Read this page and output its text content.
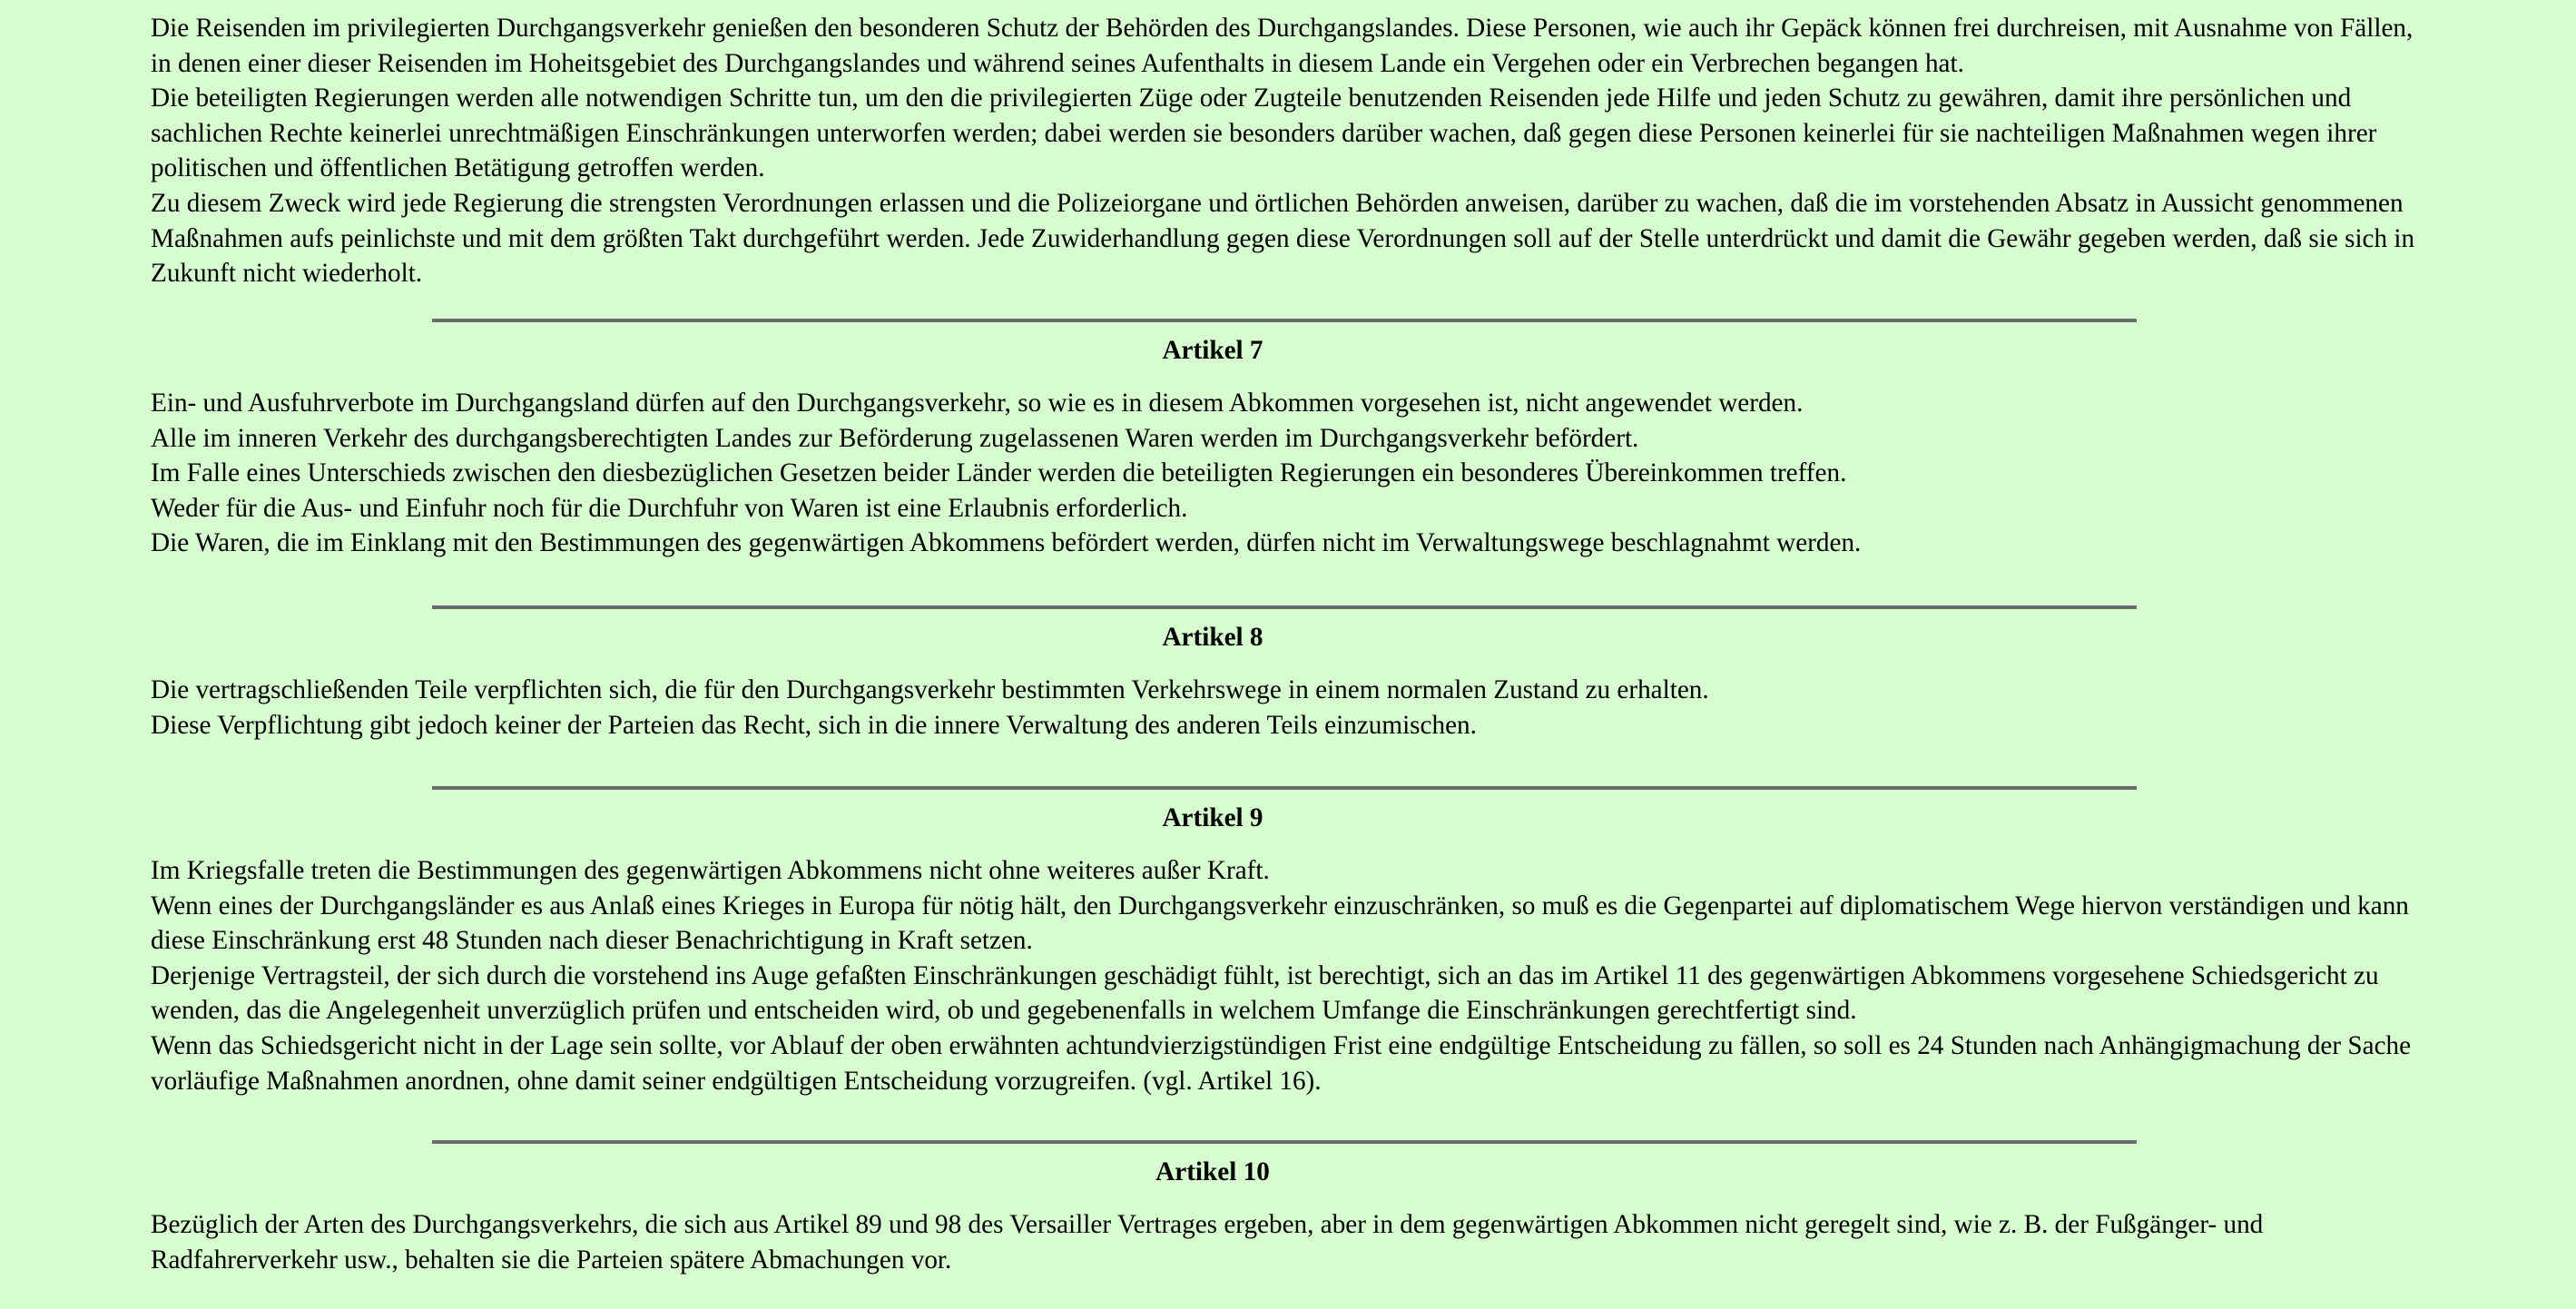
Die Reisenden im privilegierten Durchgangsverkehr genießen den besonderen Schutz der Behörden des Durchgangslandes. Diese Personen, wie auch ihr Gepäck können frei durchreisen, mit Ausnahme von Fällen, in denen einer dieser Reisenden im Hoheitsgebiet des Durchgangslandes und während seines Aufenthalts in diesem Lande ein Vergehen oder ein Verbrechen begangen hat.

Die beteiligten Regierungen werden alle notwendigen Schritte tun, um den die privilegierten Züge oder Zugteile benutzenden Reisenden jede Hilfe und jeden Schutz zu gewähren, damit ihre persönlichen und sachlichen Rechte keinerlei unrechtmäßigen Einschränkungen unterworfen werden; dabei werden sie besonders darüber wachen, daß gegen diese Personen keinerlei für sie nachteiligen Maßnahmen wegen ihrer politischen und öffentlichen Betätigung getroffen werden.

Zu diesem Zweck wird jede Regierung die strengsten Verordnungen erlassen und die Polizeiorgane und örtlichen Behörden anweisen, darüber zu wachen, daß die im vorstehenden Absatz in Aussicht genommenen Maßnahmen aufs peinlichste und mit dem größten Takt durchgeführt werden. Jede Zuwiderhandlung gegen diese Verordnungen soll auf der Stelle unterdrückt und damit die Gewähr gegeben werden, daß sie sich in Zukunft nicht wiederholt.

Artikel 7

Ein- und Ausfuhrverbote im Durchgangsland dürfen auf den Durchgangsverkehr, so wie es in diesem Abkommen vorgesehen ist, nicht angewendet werden.

Alle im inneren Verkehr des durchgangsberechtigten Landes zur Beförderung zugelassenen Waren werden im Durchgangsverkehr befördert.

Im Falle eines Unterschieds zwischen den diesbezüglichen Gesetzen beider Länder werden die beteiligten Regierungen ein besonderes Übereinkommen treffen.

Weder für die Aus- und Einfuhr noch für die Durchfuhr von Waren ist eine Erlaubnis erforderlich.

Die Waren, die im Einklang mit den Bestimmungen des gegenwärtigen Abkommens befördert werden, dürfen nicht im Verwaltungswege beschlagnahmt werden.

Artikel 8

Die vertragschließenden Teile verpflichten sich, die für den Durchgangsverkehr bestimmten Verkehrswege in einem normalen Zustand zu erhalten.

Diese Verpflichtung gibt jedoch keiner der Parteien das Recht, sich in die innere Verwaltung des anderen Teils einzumischen.

Artikel 9

Im Kriegsfalle treten die Bestimmungen des gegenwärtigen Abkommens nicht ohne weiteres außer Kraft.

Wenn eines der Durchgangsländer es aus Anlaß eines Krieges in Europa für nötig hält, den Durchgangsverkehr einzuschränken, so muß es die Gegenpartei auf diplomatischem Wege hiervon verständigen und kann diese Einschränkung erst 48 Stunden nach dieser Benachrichtigung in Kraft setzen.

Derjenige Vertragsteil, der sich durch die vorstehend ins Auge gefaßten Einschränkungen geschädigt fühlt, ist berechtigt, sich an das im Artikel 11 des gegenwärtigen Abkommens vorgesehene Schiedsgericht zu wenden, das die Angelegenheit unverzüglich prüfen und entscheiden wird, ob und gegebenenfalls in welchem Umfange die Einschränkungen gerechtfertigt sind.

Wenn das Schiedsgericht nicht in der Lage sein sollte, vor Ablauf der oben erwähnten achtundvierzigstündigen Frist eine endgültige Entscheidung zu fällen, so soll es 24 Stunden nach Anhängigmachung der Sache vorläufige Maßnahmen anordnen, ohne damit seiner endgültigen Entscheidung vorzugreifen. (vgl. Artikel 16).

Artikel 10

Bezüglich der Arten des Durchgangsverkehrs, die sich aus Artikel 89 und 98 des Versailler Vertrages ergeben, aber in dem gegenwärtigen Abkommen nicht geregelt sind, wie z. B. der Fußgänger- und Radfahrerverkehr usw., behalten sie die Parteien spätere Abmachungen vor.
